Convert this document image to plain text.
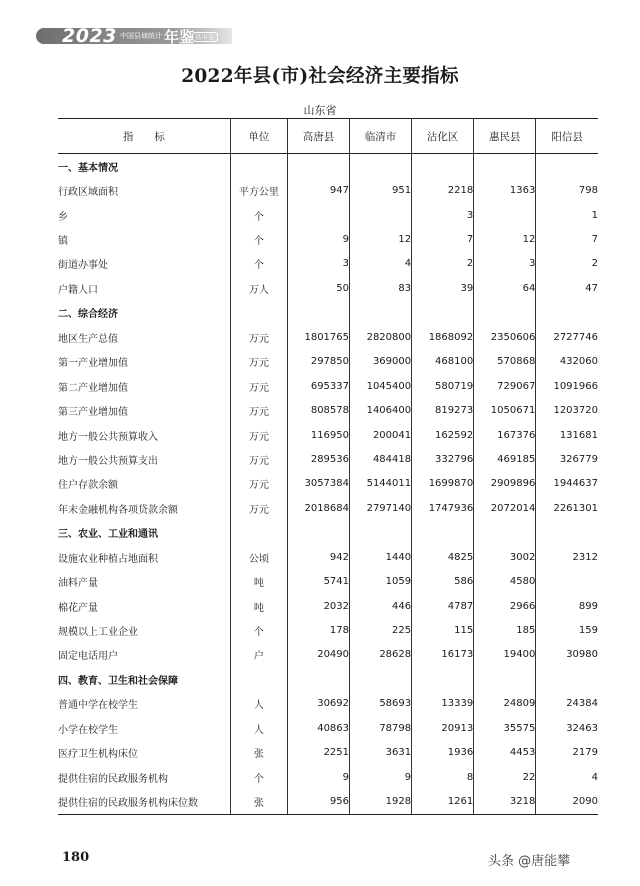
2023 中国县域统计 年鉴 县市卷
2022年县(市)社会经济主要指标
山东省
指　　标	单位	高唐县	临清市	沾化区	惠民县	阳信县
一、基本情况						
行政区域面积	平方公里	947	951	2218	1363	798
乡	个			3		1
镇	个	9	12	7	12	7
街道办事处	个	3	4	2	3	2
户籍人口	万人	50	83	39	64	47
二、综合经济						
地区生产总值	万元	1801765	2820800	1868092	2350606	2727746
第一产业增加值	万元	297850	369000	468100	570868	432060
第二产业增加值	万元	695337	1045400	580719	729067	1091966
第三产业增加值	万元	808578	1406400	819273	1050671	1203720
地方一般公共预算收入	万元	116950	200041	162592	167376	131681
地方一般公共预算支出	万元	289536	484418	332796	469185	326779
住户存款余额	万元	3057384	5144011	1699870	2909896	1944637
年末金融机构各项贷款余额	万元	2018684	2797140	1747936	2072014	2261301
三、农业、工业和通讯						
设施农业种植占地面积	公顷	942	1440	4825	3002	2312
油料产量	吨	5741	1059	586	4580	
棉花产量	吨	2032	446	4787	2966	899
规模以上工业企业	个	178	225	115	185	159
固定电话用户	户	20490	28628	16173	19400	30980
四、教育、卫生和社会保障						
普通中学在校学生	人	30692	58693	13339	24809	24384
小学在校学生	人	40863	78798	20913	35575	32463
医疗卫生机构床位	张	2251	3631	1936	4453	2179
提供住宿的民政服务机构	个	9	9	8	22	4
提供住宿的民政服务机构床位数	张	956	1928	1261	3218	2090
180	头条 @唐能攀
